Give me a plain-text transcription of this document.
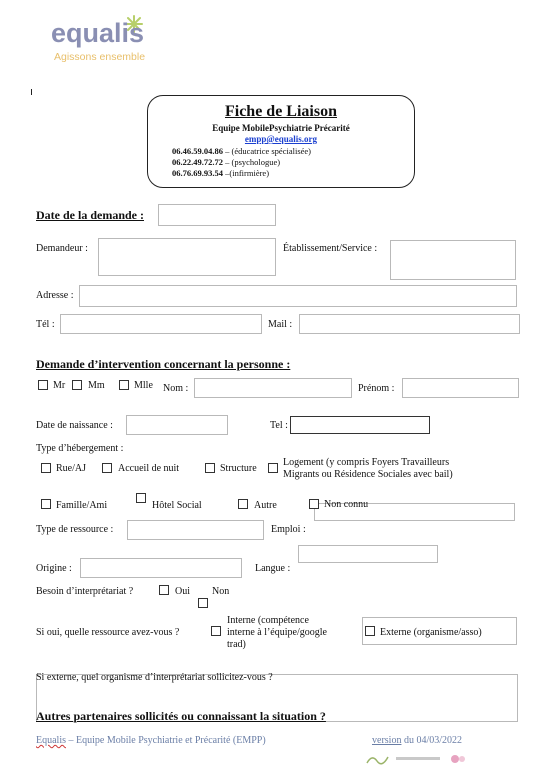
equalis
Agissons ensemble
Fiche de Liaison
Equipe MobilePsychiatrie Précarité
empp@equalis.org
06.46.59.04.86 – (éducatrice spécialisée)
06.22.49.72.72 – (psychologue)
06.76.69.93.54 –(infirmière)
Date de la demande :
Demandeur :	Établissement/Service :
Adresse :
Tél :	Mail :
Demande d’intervention concernant la personne :
Mr Mm	Mlle Nom :	Prénom :
Date de naissance :	Tel :
Type d’hébergement :
Rue/AJ	Accueil de nuit	Structure
Logement (y compris Foyers Travailleurs
Migrants ou Résidence Sociales avec bail)
Famille/Ami	Hôtel Social	Autre	Non connu
Type de ressource :	Emploi :
Origine :	Langue :
Besoin d’interprétariat ?	Oui Non
Si oui, quelle ressource avez-vous ?
Interne (compétence
interne à l’équipe/google
trad)
Externe (organisme/asso)
Si externe, quel organisme d’interprétariat sollicitez-vous ?
Autres partenaires sollicités ou connaissant la situation ?
Equalis – Equipe Mobile Psychiatrie et Précarité (EMPP)	version du 04/03/2022
